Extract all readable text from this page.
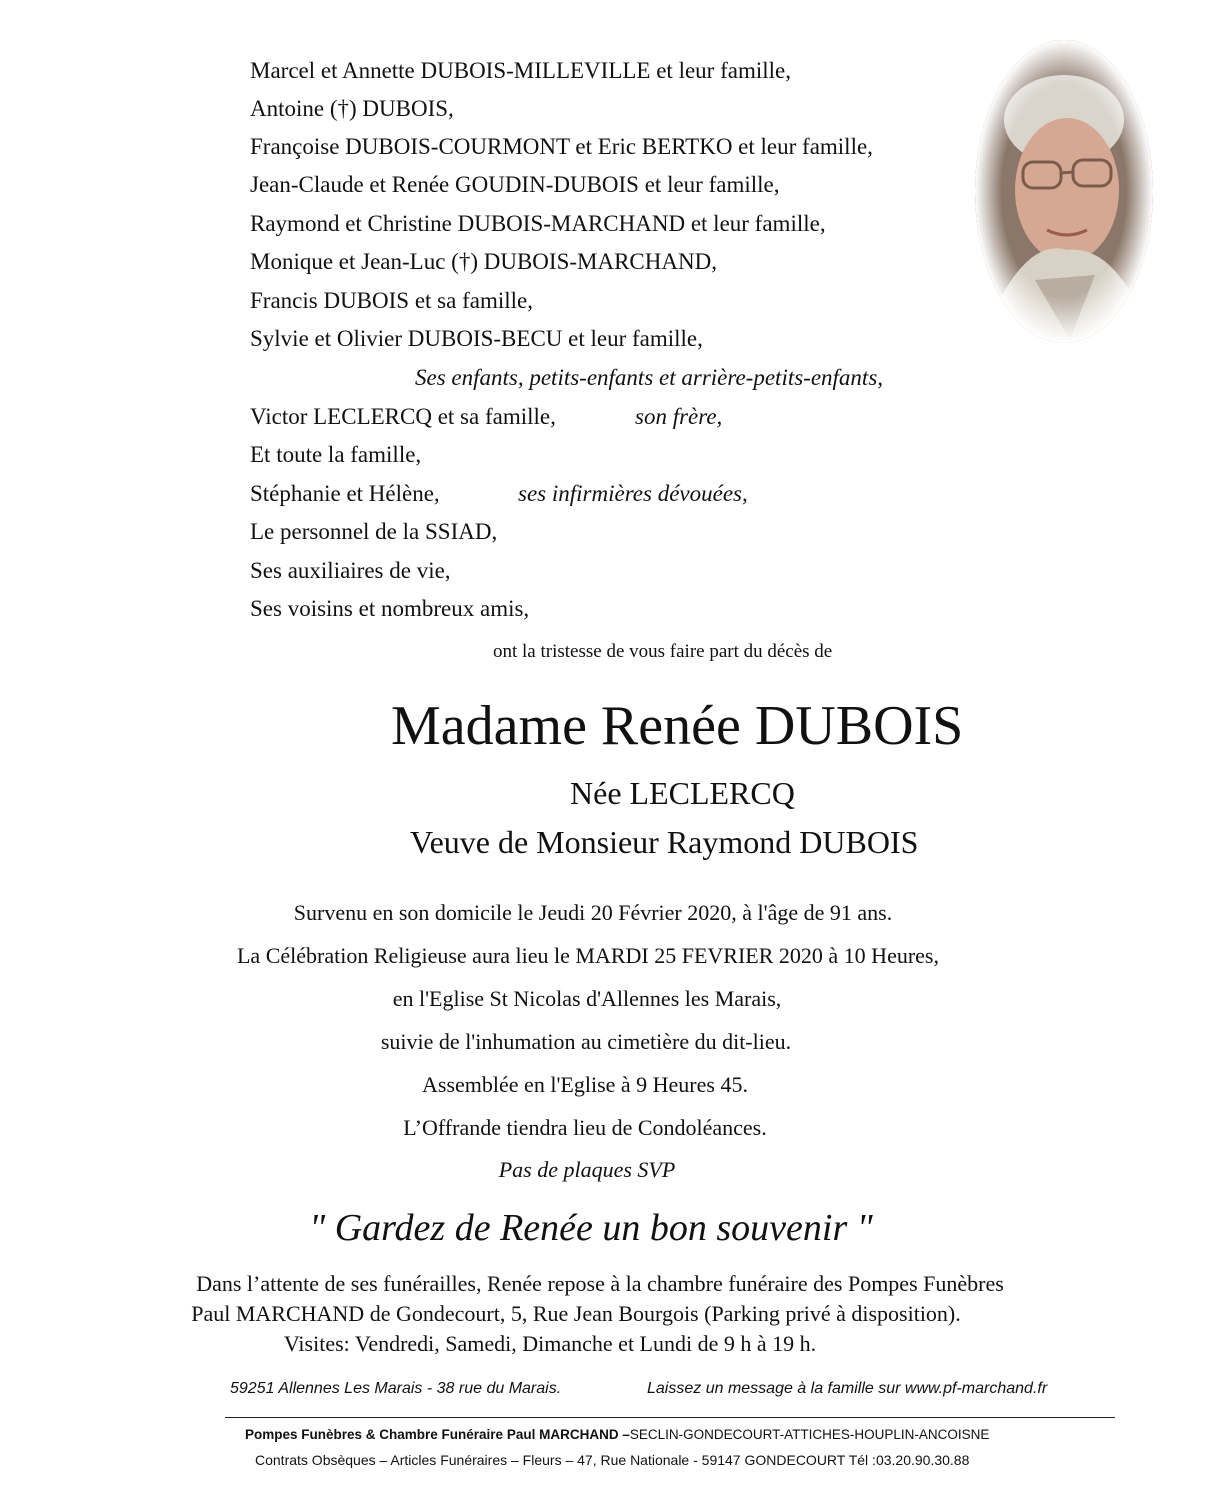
Marcel et Annette DUBOIS-MILLEVILLE et leur famille,
Antoine (†) DUBOIS,
Françoise DUBOIS-COURMONT et Eric BERTKO et leur famille,
Jean-Claude et Renée GOUDIN-DUBOIS et leur famille,
Raymond et Christine DUBOIS-MARCHAND et leur famille,
Monique et Jean-Luc (†) DUBOIS-MARCHAND,
Francis DUBOIS et sa famille,
Sylvie et Olivier DUBOIS-BECU et leur famille,
Ses enfants, petits-enfants et arrière-petits-enfants,
Victor LECLERCQ et sa famille,	son frère,
Et toute la famille,
Stéphanie et Hélène,	ses infirmières dévouées,
Le personnel de la SSIAD,
Ses auxiliaires de vie,
Ses voisins et nombreux amis,
ont la tristesse de vous faire part du décès de
Madame Renée DUBOIS
Née LECLERCQ
Veuve de Monsieur Raymond DUBOIS
Survenu en son domicile le Jeudi 20 Février 2020, à l'âge de 91 ans.
La Célébration Religieuse aura lieu le MARDI 25 FEVRIER 2020 à 10 Heures,
en l'Eglise St Nicolas d'Allennes les Marais,
suivie de l'inhumation au cimetière du dit-lieu.
Assemblée en l'Eglise à 9 Heures 45.
L’Offrande tiendra lieu de Condoléances.
Pas de plaques SVP
" Gardez de Renée un bon souvenir "
Dans l’attente de ses funérailles, Renée repose à la chambre funéraire des Pompes Funèbres
Paul MARCHAND de Gondecourt, 5, Rue Jean Bourgois (Parking privé à disposition).
Visites: Vendredi, Samedi, Dimanche et Lundi de 9 h à 19 h.
59251 Allennes Les Marais - 38 rue du Marais.	Laissez un message à la famille sur www.pf-marchand.fr
Pompes Funèbres & Chambre Funéraire Paul MARCHAND –SECLIN-GONDECOURT-ATTICHES-HOUPLIN-ANCOISNE
Contrats Obsèques – Articles Funéraires – Fleurs – 47, Rue Nationale - 59147 GONDECOURT Tél :03.20.90.30.88
